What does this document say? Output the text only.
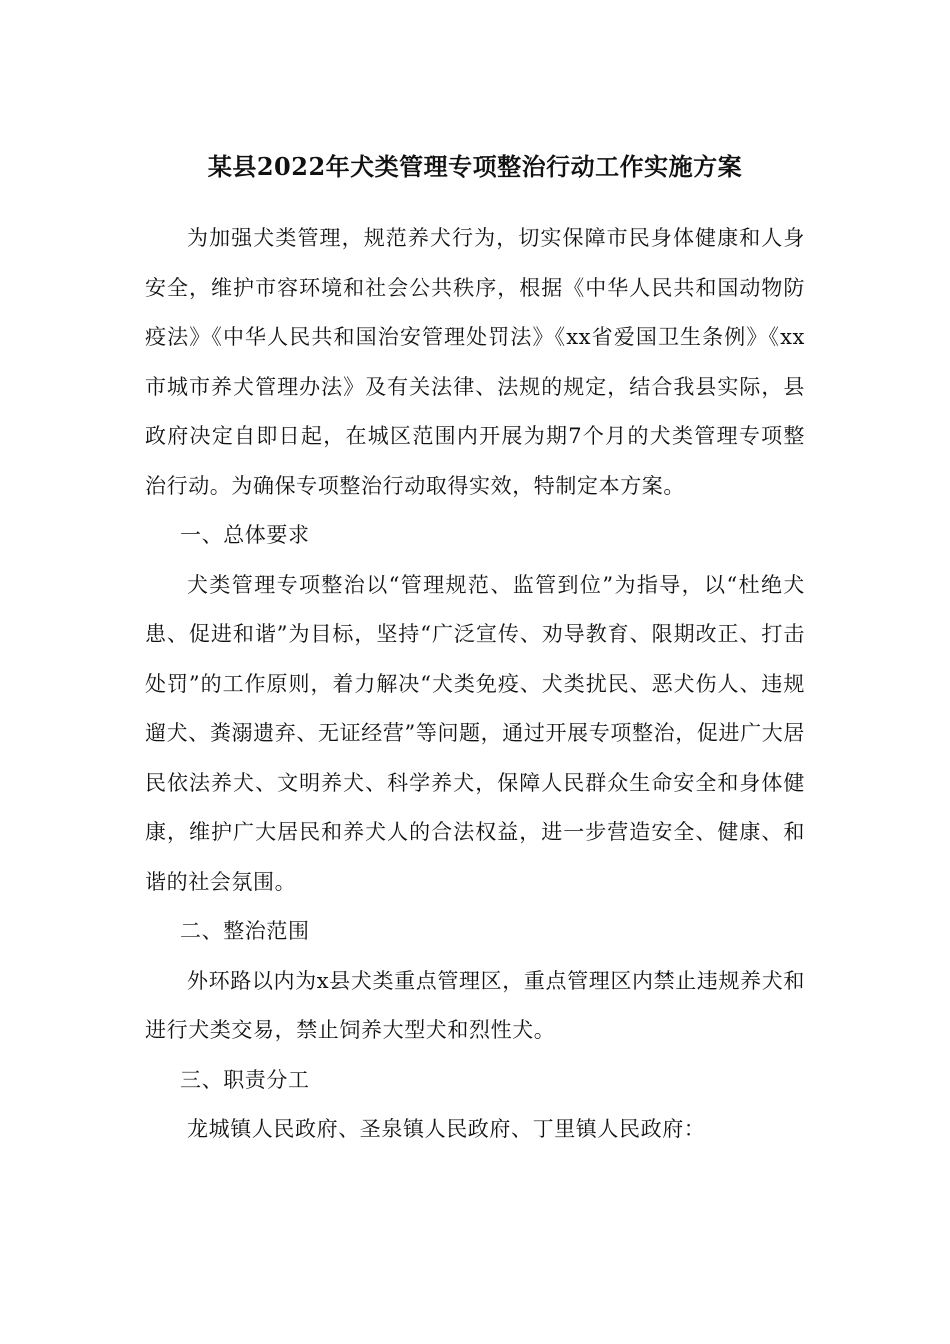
某县2022年犬类管理专项整治行动工作实施方案

为加强犬类管理，规范养犬行为，切实保障市民身体健康和人身安全，维护市容环境和社会公共秩序，根据《中华人民共和国动物防疫法》《中华人民共和国治安管理处罚法》《xx省爱国卫生条例》《xx市城市养犬管理办法》及有关法律、法规的规定，结合我县实际，县政府决定自即日起，在城区范围内开展为期7个月的犬类管理专项整治行动。为确保专项整治行动取得实效，特制定本方案。

一、总体要求

犬类管理专项整治以“管理规范、监管到位”为指导，以“杜绝犬患、促进和谐”为目标，坚持“广泛宣传、劝导教育、限期改正、打击处罚”的工作原则，着力解决“犬类免疫、犬类扰民、恶犬伤人、违规遛犬、粪溺遗弃、无证经营”等问题，通过开展专项整治，促进广大居民依法养犬、文明养犬、科学养犬，保障人民群众生命安全和身体健康，维护广大居民和养犬人的合法权益，进一步营造安全、健康、和谐的社会氛围。

二、整治范围

外环路以内为x县犬类重点管理区，重点管理区内禁止违规养犬和进行犬类交易，禁止饲养大型犬和烈性犬。

三、职责分工

龙城镇人民政府、圣泉镇人民政府、丁里镇人民政府：
